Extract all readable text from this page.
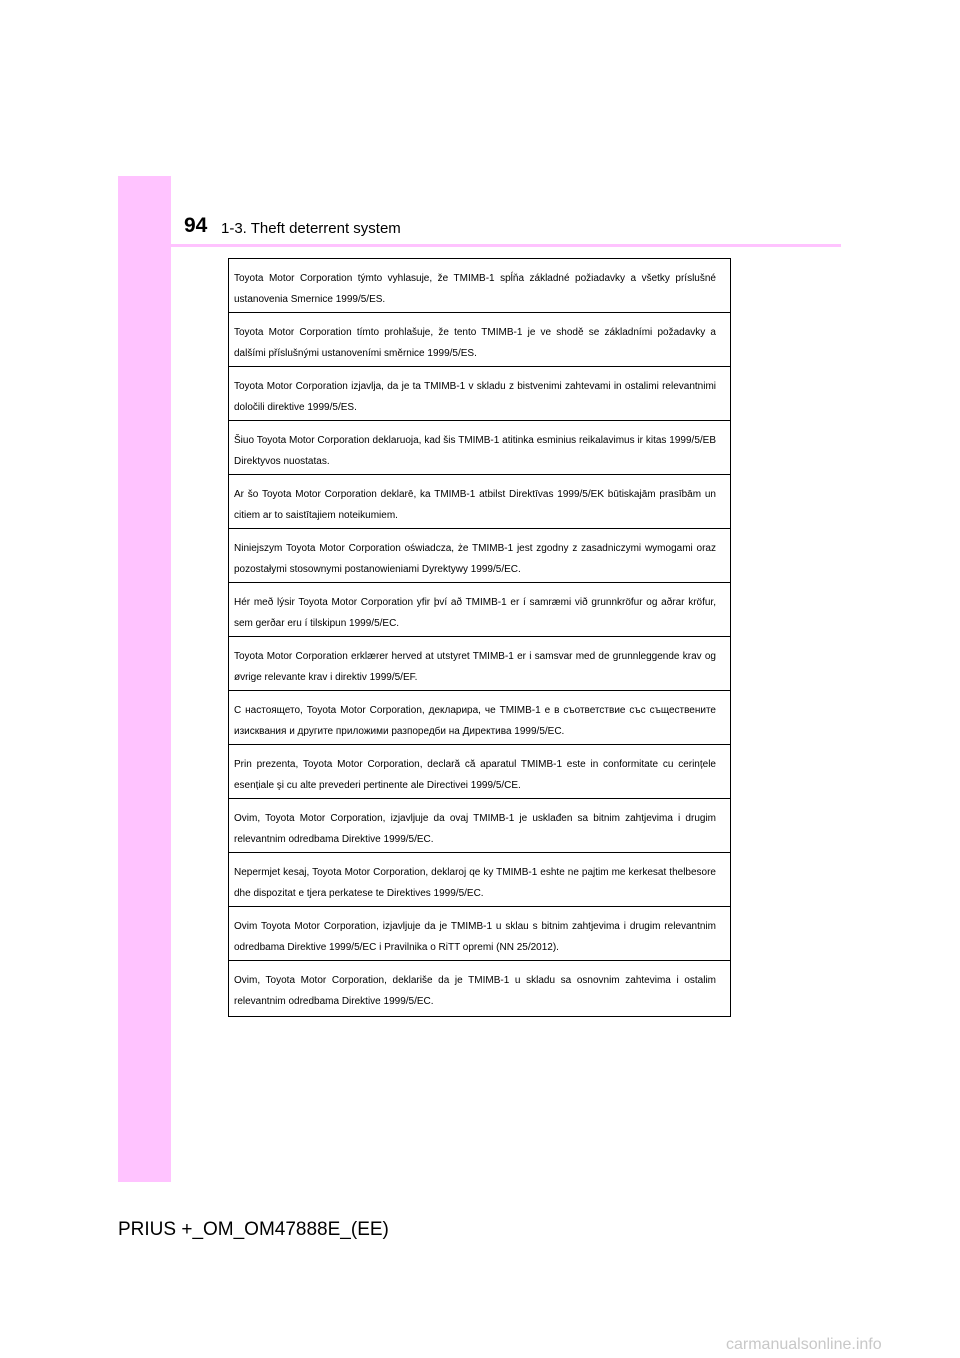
94 1-3. Theft deterrent system
Toyota Motor Corporation týmto vyhlasuje, že TMIMB-1 spĺňa základné požiadavky a všetky príslušné ustanovenia Smernice 1999/5/ES.
Toyota Motor Corporation tímto prohlašuje, že tento TMIMB-1 je ve shodě se základními požadavky a dalšími příslušnými ustanoveními směrnice 1999/5/ES.
Toyota Motor Corporation izjavlja, da je ta TMIMB-1 v skladu z bistvenimi zahtevami in ostalimi relevantnimi določili direktive 1999/5/ES.
Šiuo Toyota Motor Corporation deklaruoja, kad šis TMIMB-1 atitinka esminius reikalavimus ir kitas 1999/5/EB Direktyvos nuostatas.
Ar šo Toyota Motor Corporation deklarē, ka TMIMB-1 atbilst Direktīvas 1999/5/EK būtiskajām prasībām un citiem ar to saistītajiem noteikumiem.
Niniejszym Toyota Motor Corporation oświadcza, że TMIMB-1 jest zgodny z zasadniczymi wymogami oraz pozostałymi stosownymi postanowieniami Dyrektywy 1999/5/EC.
Hér með lýsir Toyota Motor Corporation yfir því að TMIMB-1 er í samræmi við grunnkröfur og aðrar kröfur, sem gerðar eru í tilskipun 1999/5/EC.
Toyota Motor Corporation erklærer herved at utstyret TMIMB-1 er i samsvar med de grunnleggende krav og øvrige relevante krav i direktiv 1999/5/EF.
С настоящето, Toyota Motor Corporation, декларира, че TMIMB-1 е в съответствие със съществените изисквания и другите приложими разпоредби на Директива 1999/5/ЕС.
Prin prezenta, Toyota Motor Corporation, declară că aparatul TMIMB-1 este in conformitate cu cerințele esențiale şi cu alte prevederi pertinente ale Directivei 1999/5/CE.
Ovim, Toyota Motor Corporation, izjavljuje da ovaj TMIMB-1 je usklađen sa bitnim zahtjevima i drugim relevantnim odredbama Direktive 1999/5/EC.
Nepermjet kesaj, Toyota Motor Corporation, deklaroj qe ky TMIMB-1 eshte ne pajtim me kerkesat thelbesore dhe dispozitat e tjera perkatese te Direktives 1999/5/EC.
Ovim Toyota Motor Corporation, izjavljuje da je TMIMB-1 u sklau s bitnim zahtjevima i drugim relevantnim odredbama Direktive 1999/5/EC i Pravilnika o RiTT opremi (NN 25/2012).
Ovim, Toyota Motor Corporation, deklariše da je TMIMB-1 u skladu sa osnovnim zahtevima i ostalim relevantnim odredbama Direktive 1999/5/EC.
PRIUS +_OM_OM47888E_(EE)
carmanualsonline.info
